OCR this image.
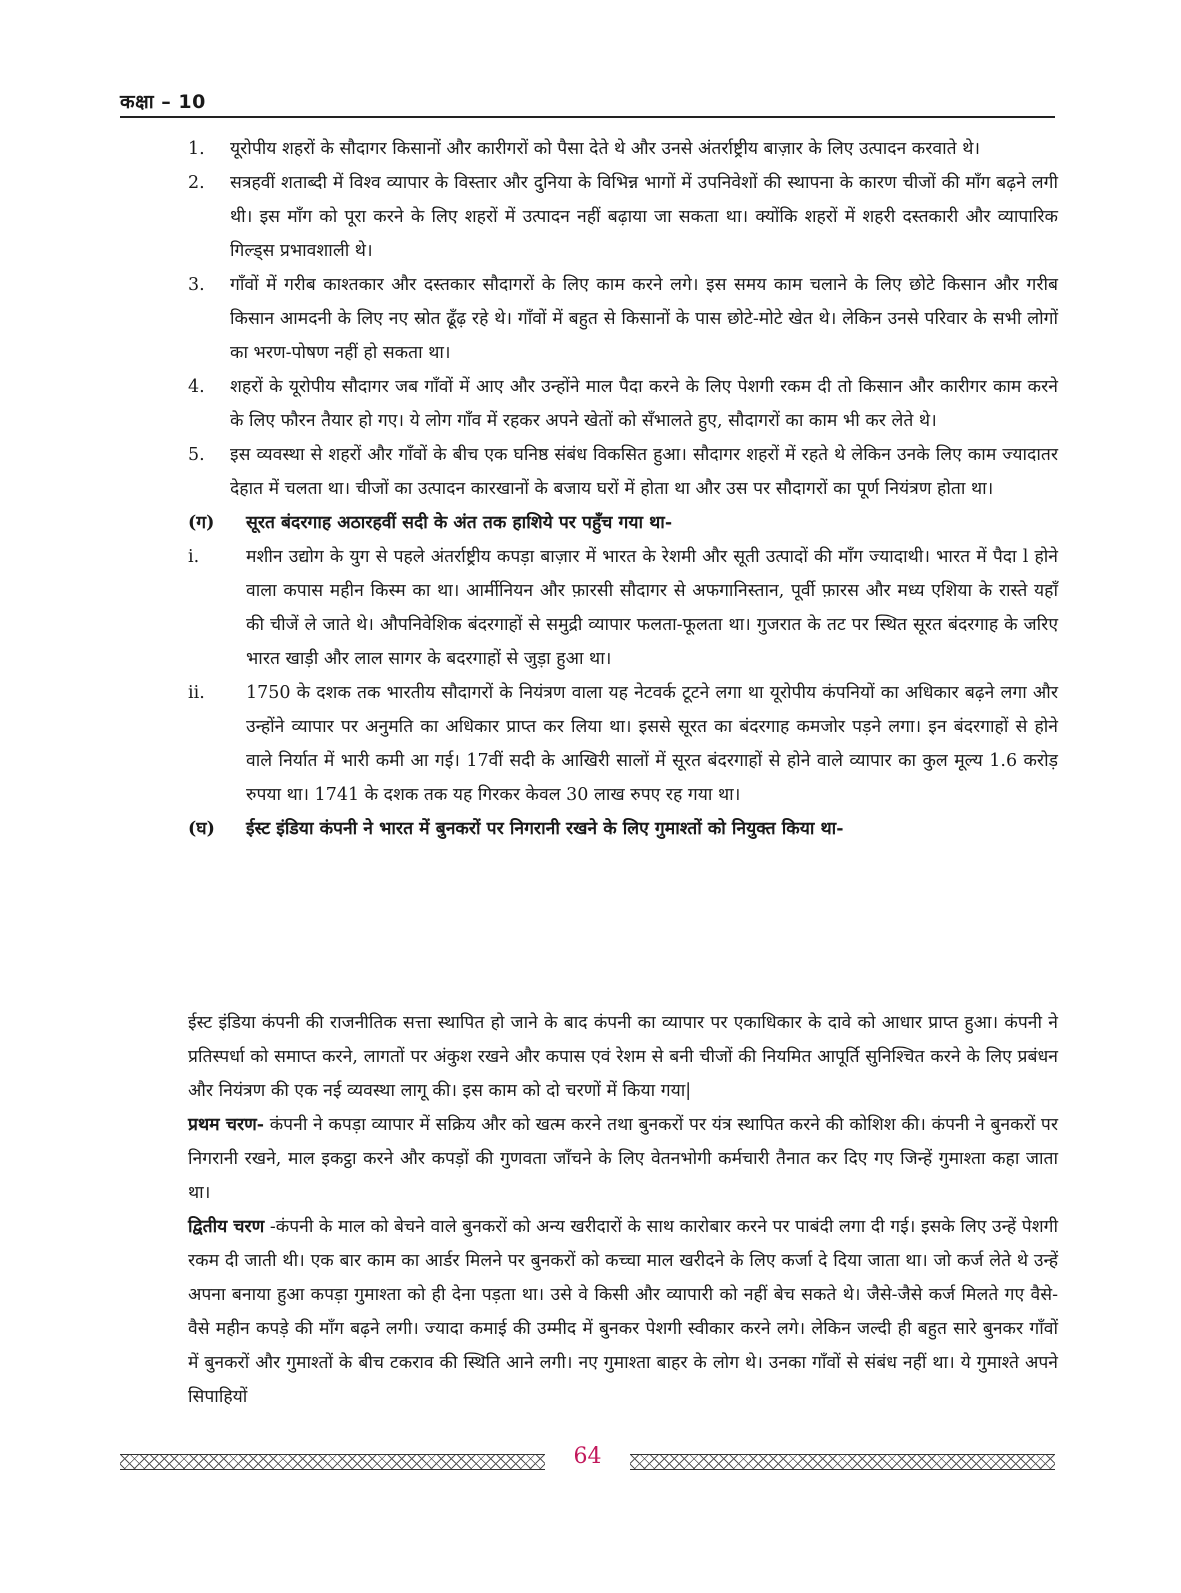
कक्षा – 10
1.	यूरोपीय शहरों के सौदागर किसानों और कारीगरों को पैसा देते थे और उनसे अंतर्राष्ट्रीय बाज़ार के लिए उत्पादन करवाते थे।
2.	सत्रहवीं शताब्दी में विश्व व्यापार के विस्तार और दुनिया के विभिन्न भागों में उपनिवेशों की स्थापना के कारण चीजों की माँग बढ़ने लगी थी। इस माँग को पूरा करने के लिए शहरों में उत्पादन नहीं बढ़ाया जा सकता था। क्योंकि शहरों में शहरी दस्तकारी और व्यापारिक गिल्ड्स प्रभावशाली थे।
3.	गाँवों में गरीब काश्तकार और दस्तकार सौदागरों के लिए काम करने लगे। इस समय काम चलाने के लिए छोटे किसान और गरीब किसान आमदनी के लिए नए स्रोत ढूँढ़ रहे थे। गाँवों में बहुत से किसानों के पास छोटे-मोटे खेत थे। लेकिन उनसे परिवार के सभी लोगों का भरण-पोषण नहीं हो सकता था।
4.	शहरों के यूरोपीय सौदागर जब गाँवों में आए और उन्होंने माल पैदा करने के लिए पेशगी रकम दी तो किसान और कारीगर काम करने के लिए फौरन तैयार हो गए। ये लोग गाँव में रहकर अपने खेतों को सँभालते हुए, सौदागरों का काम भी कर लेते थे।
5.	इस व्यवस्था से शहरों और गाँवों के बीच एक घनिष्ठ संबंध विकसित हुआ। सौदागर शहरों में रहते थे लेकिन उनके लिए काम ज्यादातर देहात में चलता था। चीजों का उत्पादन कारखानों के बजाय घरों में होता था और उस पर सौदागरों का पूर्ण नियंत्रण होता था।
(ग)	सूरत बंदरगाह अठारहवीं सदी के अंत तक हाशिये पर पहुँच गया था-
i.	मशीन उद्योग के युग से पहले अंतर्राष्ट्रीय कपड़ा बाज़ार में भारत के रेशमी और सूती उत्पादों की माँग ज्यादाथी। भारत में पैदा l होने वाला कपास महीन किस्म का था। आर्मीनियन और फ़ारसी सौदागर से अफगानिस्तान, पूर्वी फ़ारस और मध्य एशिया के रास्ते यहाँ की चीजें ले जाते थे। औपनिवेशिक बंदरगाहों से समुद्री व्यापार फलता-फूलता था। गुजरात के तट पर स्थित सूरत बंदरगाह के जरिए भारत खाड़ी और लाल सागर के बदरगाहों से जुड़ा हुआ था।
ii.	1750 के दशक तक भारतीय सौदागरों के नियंत्रण वाला यह नेटवर्क टूटने लगा था यूरोपीय कंपनियों का अधिकार बढ़ने लगा और उन्होंने व्यापार पर अनुमति का अधिकार प्राप्त कर लिया था। इससे सूरत का बंदरगाह कमजोर पड़ने लगा। इन बंदरगाहों से होने वाले निर्यात में भारी कमी आ गई। 17वीं सदी के आखिरी सालों में सूरत बंदरगाहों से होने वाले व्यापार का कुल मूल्य 1.6 करोड़ रुपया था। 1741 के दशक तक यह गिरकर केवल 30 लाख रुपए रह गया था।
(घ)	ईस्ट इंडिया कंपनी ने भारत में बुनकरों पर निगरानी रखने के लिए गुमाश्तों को नियुक्त किया था-
ईस्ट इंडिया कंपनी की राजनीतिक सत्ता स्थापित हो जाने के बाद कंपनी का व्यापार पर एकाधिकार के दावे को आधार प्राप्त हुआ। कंपनी ने प्रतिस्पर्धा को समाप्त करने, लागतों पर अंकुश रखने और कपास एवं रेशम से बनी चीजों की नियमित आपूर्ति सुनिश्चित करने के लिए प्रबंधन और नियंत्रण की एक नई व्यवस्था लागू की। इस काम को दो चरणों में किया गया|
प्रथम चरण- कंपनी ने कपड़ा व्यापार में सक्रिय और को खत्म करने तथा बुनकरों पर यंत्र स्थापित करने की कोशिश की। कंपनी ने बुनकरों पर निगरानी रखने, माल इकट्ठा करने और कपड़ों की गुणवता जाँचने के लिए वेतनभोगी कर्मचारी तैनात कर दिए गए जिन्हें गुमाश्ता कहा जाता था।
द्वितीय चरण -कंपनी के माल को बेचने वाले बुनकरों को अन्य खरीदारों के साथ कारोबार करने पर पाबंदी लगा दी गई। इसके लिए उन्हें पेशगी रकम दी जाती थी। एक बार काम का आर्डर मिलने पर बुनकरों को कच्चा माल खरीदने के लिए कर्जा दे दिया जाता था। जो कर्ज लेते थे उन्हें अपना बनाया हुआ कपड़ा गुमाश्ता को ही देना पड़ता था। उसे वे किसी और व्यापारी को नहीं बेच सकते थे। जैसे-जैसे कर्ज मिलते गए वैसे-वैसे महीन कपड़े की माँग बढ़ने लगी। ज्यादा कमाई की उम्मीद में बुनकर पेशगी स्वीकार करने लगे। लेकिन जल्दी ही बहुत सारे बुनकर गाँवों में बुनकरों और गुमाश्तों के बीच टकराव की स्थिति आने लगी। नए गुमाश्ता बाहर के लोग थे। उनका गाँवों से संबंध नहीं था। ये गुमाश्ते अपने सिपाहियों
64
